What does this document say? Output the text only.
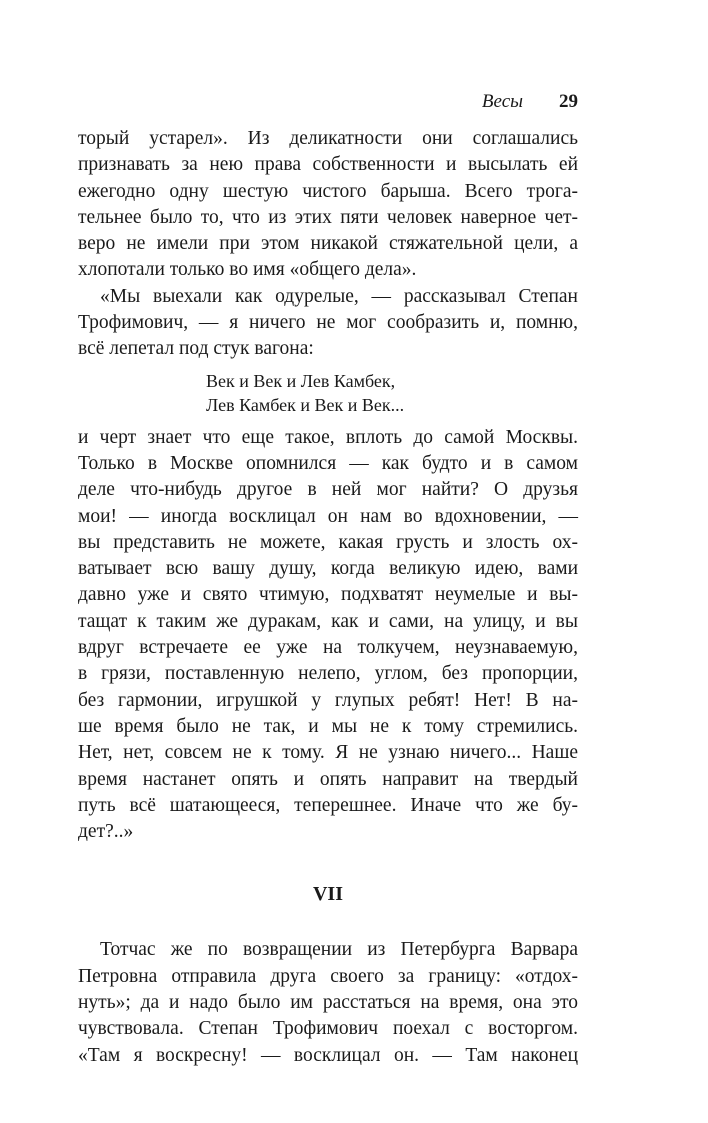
Весы 29
торый устарел». Из деликатности они соглашались
признавать за нею права собственности и высылать ей
ежегодно одну шестую чистого барыша. Всего трога-
тельнее было то, что из этих пяти человек наверное чет-
веро не имели при этом никакой стяжательной цели, а
хлопотали только во имя «общего дела».
«Мы выехали как одурелые, — рассказывал Степан
Трофимович, — я ничего не мог сообразить и, помню,
всё лепетал под стук вагона:
Век и Век и Лев Камбек,
Лев Камбек и Век и Век...
и черт знает что еще такое, вплоть до самой Москвы.
Только в Москве опомнился — как будто и в самом
деле что-нибудь другое в ней мог найти? О друзья
мои! — иногда восклицал он нам во вдохновении, —
вы представить не можете, какая грусть и злость ох-
ватывает всю вашу душу, когда великую идею, вами
давно уже и свято чтимую, подхватят неумелые и вы-
тащат к таким же дуракам, как и сами, на улицу, и вы
вдруг встречаете ее уже на толкучем, неузнаваемую,
в грязи, поставленную нелепо, углом, без пропорции,
без гармонии, игрушкой у глупых ребят! Нет! В на-
ше время было не так, и мы не к тому стремились.
Нет, нет, совсем не к тому. Я не узнаю ничего... Наше
время настанет опять и опять направит на твердый
путь всё шатающееся, теперешнее. Иначе что же бу-
дет?..»
VII
Тотчас же по возвращении из Петербурга Варвара
Петровна отправила друга своего за границу: «отдох-
нуть»; да и надо было им расстаться на время, она это
чувствовала. Степан Трофимович поехал с восторгом.
«Там я воскресну! — восклицал он. — Там наконец
